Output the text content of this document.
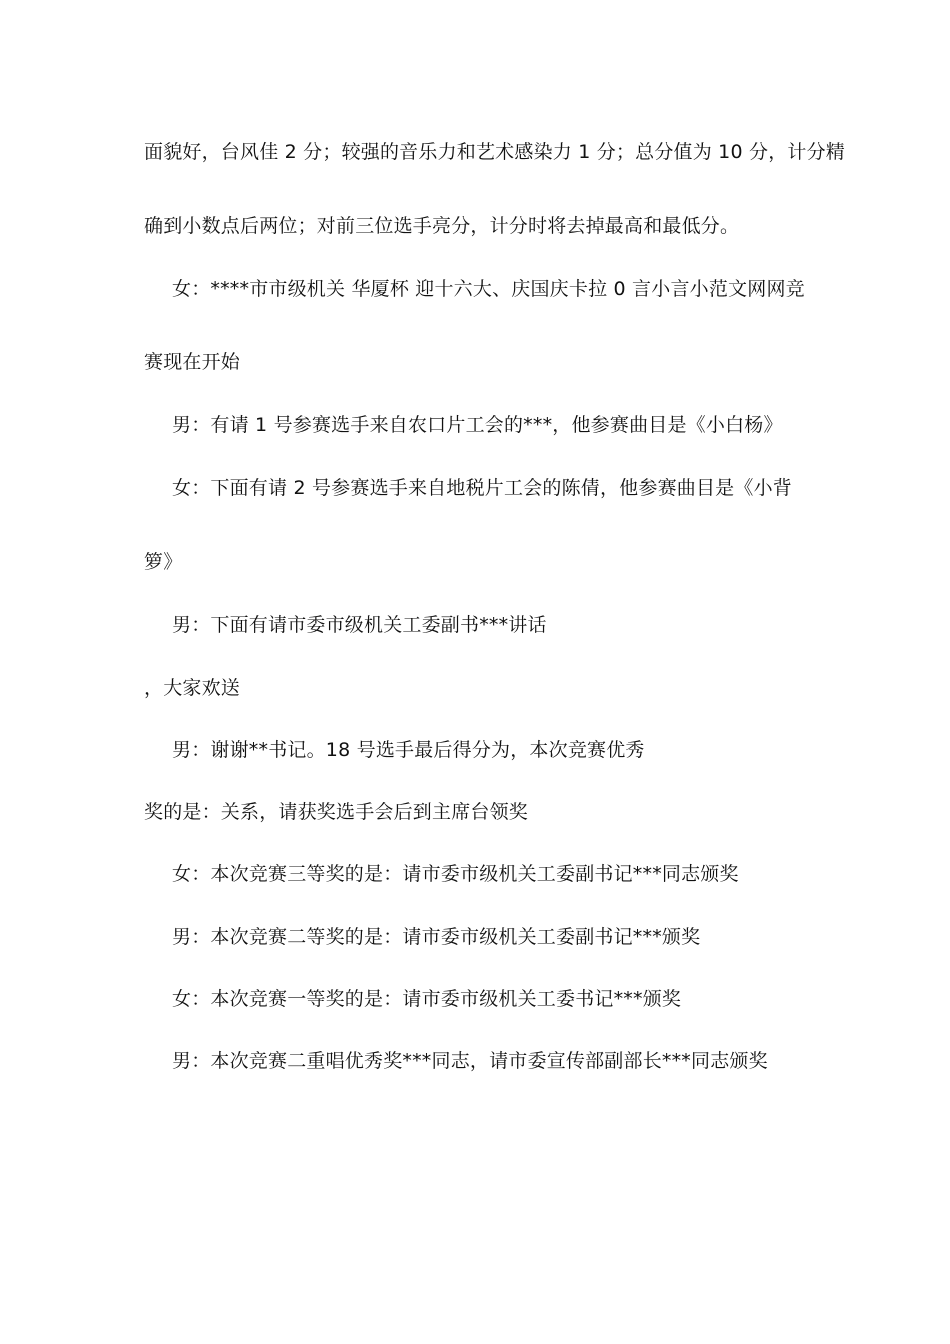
面貌好，台风佳 2 分；较强的音乐力和艺术感染力 1 分；总分值为 10 分，计分精
确到小数点后两位；对前三位选手亮分，计分时将去掉最高和最低分。
女：****市市级机关 华厦杯 迎十六大、庆国庆卡拉 0 言小言小范文网网竞
赛现在开始
男：有请 1 号参赛选手来自农口片工会的***，他参赛曲目是《小白杨》
女：下面有请 2 号参赛选手来自地税片工会的陈倩，他参赛曲目是《小背
箩》
男：下面有请市委市级机关工委副书***讲话
，大家欢送
男：谢谢**书记。18 号选手最后得分为，本次竞赛优秀
奖的是：关系，请获奖选手会后到主席台领奖
女：本次竞赛三等奖的是：请市委市级机关工委副书记***同志颁奖
男：本次竞赛二等奖的是：请市委市级机关工委副书记***颁奖
女：本次竞赛一等奖的是：请市委市级机关工委书记***颁奖
男：本次竞赛二重唱优秀奖***同志，请市委宣传部副部长***同志颁奖
